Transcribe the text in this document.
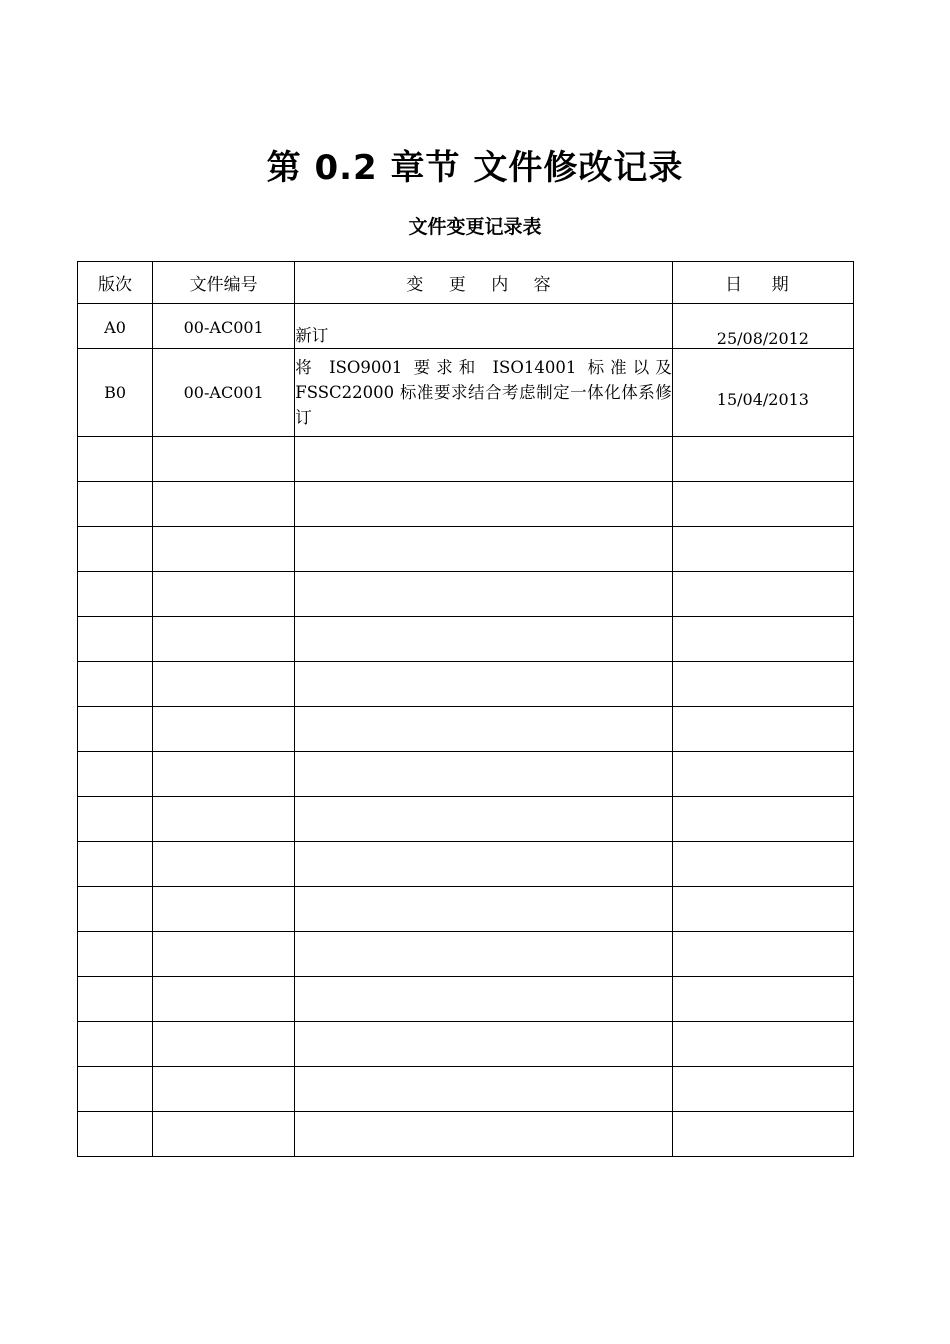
第 0.2 章节 文件修改记录
文件变更记录表
版次	文件编号	变 更 内 容	日 期
A0	00-AC001	新订	25/08/2012
B0	00-AC001	将 ISO9001 要求和 ISO14001 标准以及 FSSC22000 标准要求结合考虑制定一体化体系修订	15/04/2013
